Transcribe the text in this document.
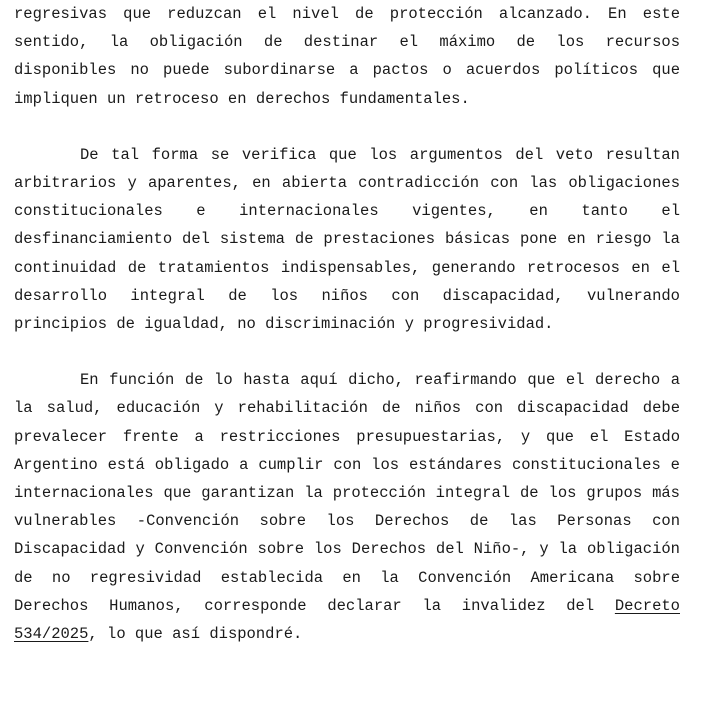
regresivas que reduzcan el nivel de protección alcanzado. En este sentido, la obligación de destinar el máximo de los recursos disponibles no puede subordinarse a pactos o acuerdos políticos que impliquen un retroceso en derechos fundamentales.

De tal forma se verifica que los argumentos del veto resultan arbitrarios y aparentes, en abierta contradicción con las obligaciones constitucionales e internacionales vigentes, en tanto el desfinanciamiento del sistema de prestaciones básicas pone en riesgo la continuidad de tratamientos indispensables, generando retrocesos en el desarrollo integral de los niños con discapacidad, vulnerando principios de igualdad, no discriminación y progresividad.

En función de lo hasta aquí dicho, reafirmando que el derecho a la salud, educación y rehabilitación de niños con discapacidad debe prevalecer frente a restricciones presupuestarias, y que el Estado Argentino está obligado a cumplir con los estándares constitucionales e internacionales que garantizan la protección integral de los grupos más vulnerables -Convención sobre los Derechos de las Personas con Discapacidad y Convención sobre los Derechos del Niño-, y la obligación de no regresividad establecida en la Convención Americana sobre Derechos Humanos, corresponde declarar la invalidez del Decreto 534/2025, lo que así dispondré.
